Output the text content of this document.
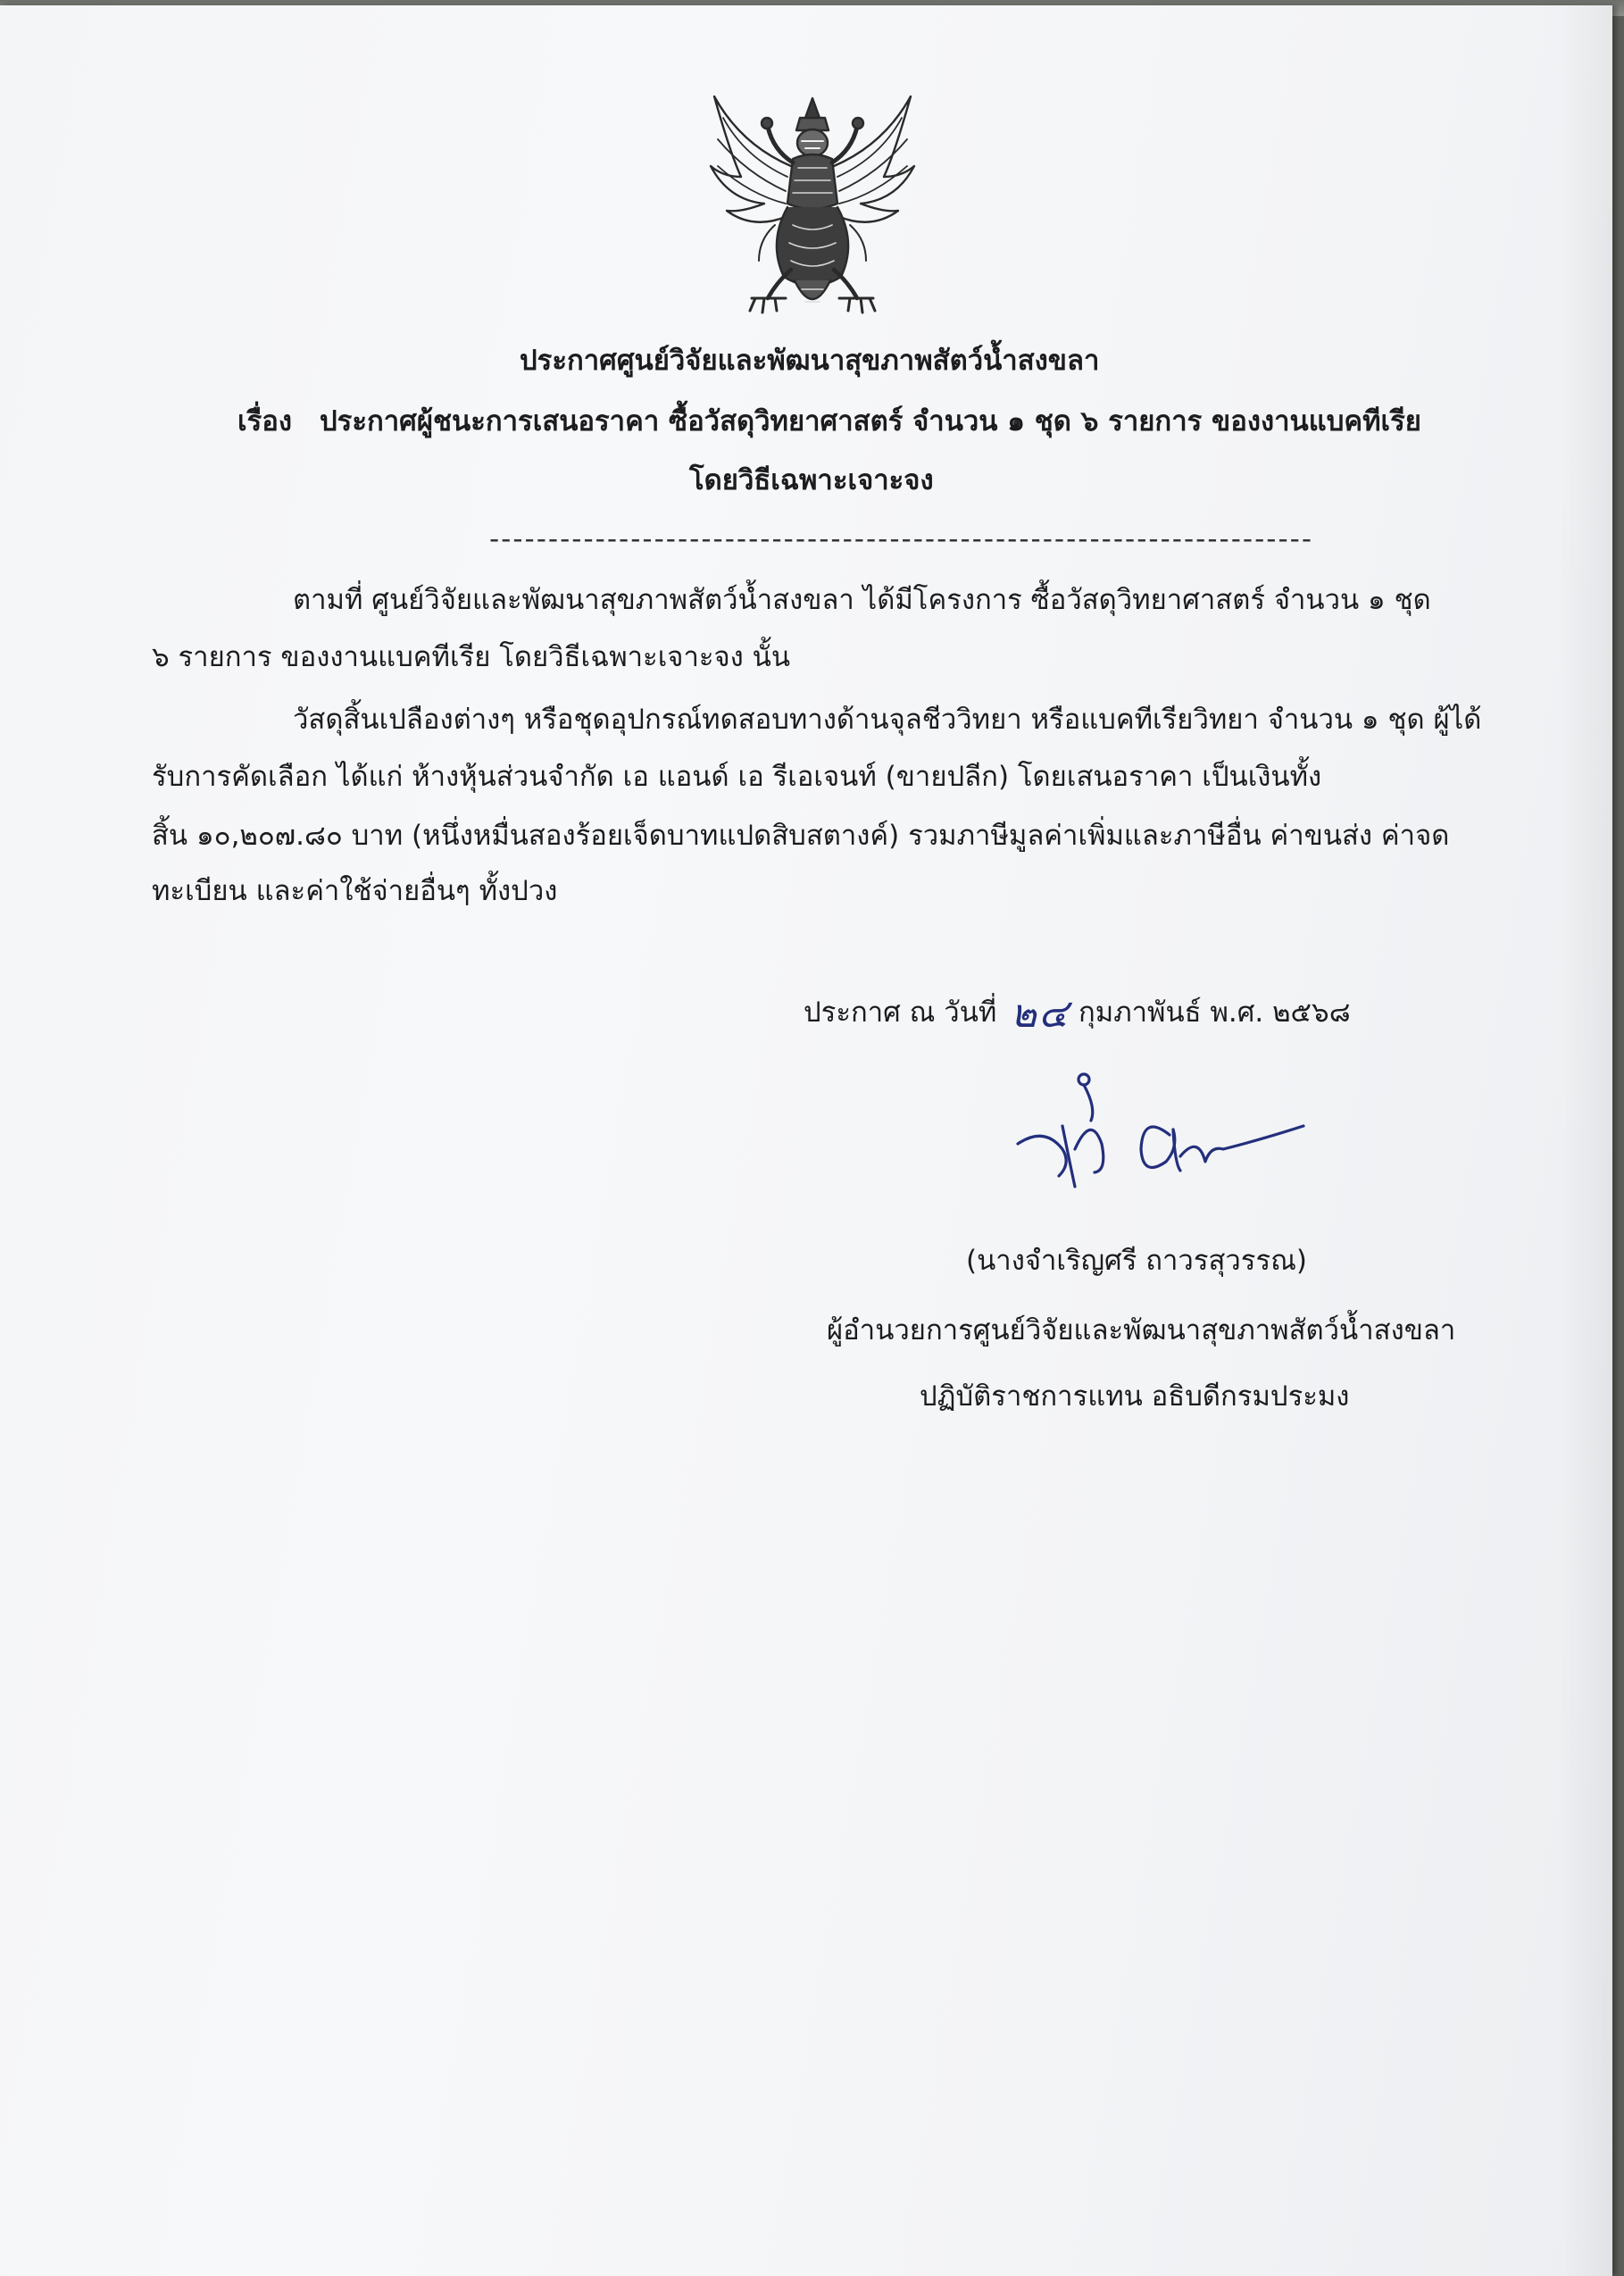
ประกาศศูนย์วิจัยและพัฒนาสุขภาพสัตว์น้ำสงขลา
เรื่อง ประกาศผู้ชนะการเสนอราคา ซื้อวัสดุวิทยาศาสตร์ จำนวน ๑ ชุด ๖ รายการ ของงานแบคทีเรีย
โดยวิธีเฉพาะเจาะจง
----------------------------------------------------------------------
ตามที่ ศูนย์วิจัยและพัฒนาสุขภาพสัตว์น้ำสงขลา ได้มีโครงการ ซื้อวัสดุวิทยาศาสตร์ จำนวน ๑ ชุด
๖ รายการ ของงานแบคทีเรีย โดยวิธีเฉพาะเจาะจง นั้น
วัสดุสิ้นเปลืองต่างๆ หรือชุดอุปกรณ์ทดสอบทางด้านจุลชีววิทยา หรือแบคทีเรียวิทยา จำนวน ๑ ชุด ผู้ได้
รับการคัดเลือก ได้แก่ ห้างหุ้นส่วนจำกัด เอ แอนด์ เอ รีเอเจนท์ (ขายปลีก) โดยเสนอราคา เป็นเงินทั้ง
สิ้น ๑๐,๒๐๗.๘๐ บาท (หนึ่งหมื่นสองร้อยเจ็ดบาทแปดสิบสตางค์) รวมภาษีมูลค่าเพิ่มและภาษีอื่น ค่าขนส่ง ค่าจด
ทะเบียน และค่าใช้จ่ายอื่นๆ ทั้งปวง
ประกาศ ณ วันที่ ๒๔ กุมภาพันธ์ พ.ศ. ๒๕๖๘
(นางจำเริญศรี ถาวรสุวรรณ)
ผู้อำนวยการศูนย์วิจัยและพัฒนาสุขภาพสัตว์น้ำสงขลา
ปฏิบัติราชการแทน อธิบดีกรมประมง
